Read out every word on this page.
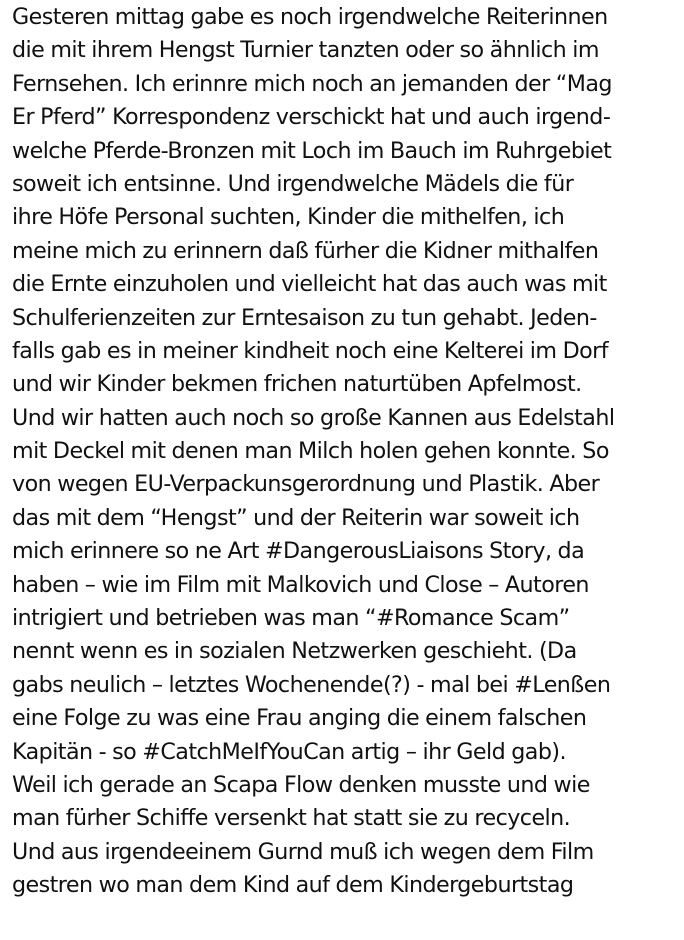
Gesteren mittag gabe es noch irgendwelche Reiterinnen
die mit ihrem Hengst Turnier tanzten oder so ähnlich im
Fernsehen. Ich erinnre mich noch an jemanden der “Mag
Er Pferd” Korrespondenz verschickt hat und auch irgend-
welche Pferde-Bronzen mit Loch im Bauch im Ruhrgebiet
soweit ich entsinne. Und irgendwelche Mädels die für
ihre Höfe Personal suchten, Kinder die mithelfen, ich
meine mich zu erinnern daß fürher die Kidner mithalfen
die Ernte einzuholen und vielleicht hat das auch was mit
Schulferienzeiten zur Erntesaison zu tun gehabt. Jeden-
falls gab es in meiner kindheit noch eine Kelterei im Dorf
und wir Kinder bekmen frichen naturtüben Apfelmost.
Und wir hatten auch noch so große Kannen aus Edelstahl
mit Deckel mit denen man Milch holen gehen konnte. So
von wegen EU-Verpackunsgerordnung und Plastik. Aber
das mit dem “Hengst” und der Reiterin war soweit ich
mich erinnere so ne Art #DangerousLiaisons Story, da
haben – wie im Film mit Malkovich und Close – Autoren
intrigiert und betrieben was man “#Romance Scam”
nennt wenn es in sozialen Netzwerken geschieht. (Da
gabs neulich – letztes Wochenende(?) - mal bei #Lenßen
eine Folge zu was eine Frau anging die einem falschen
Kapitän - so #CatchMeIfYouCan artig – ihr Geld gab).
Weil ich gerade an Scapa Flow denken musste und wie
man fürher Schiffe versenkt hat statt sie zu recyceln.
Und aus irgendeeinem Gurnd muß ich wegen dem Film
gestren wo man dem Kind auf dem Kindergeburtstag
